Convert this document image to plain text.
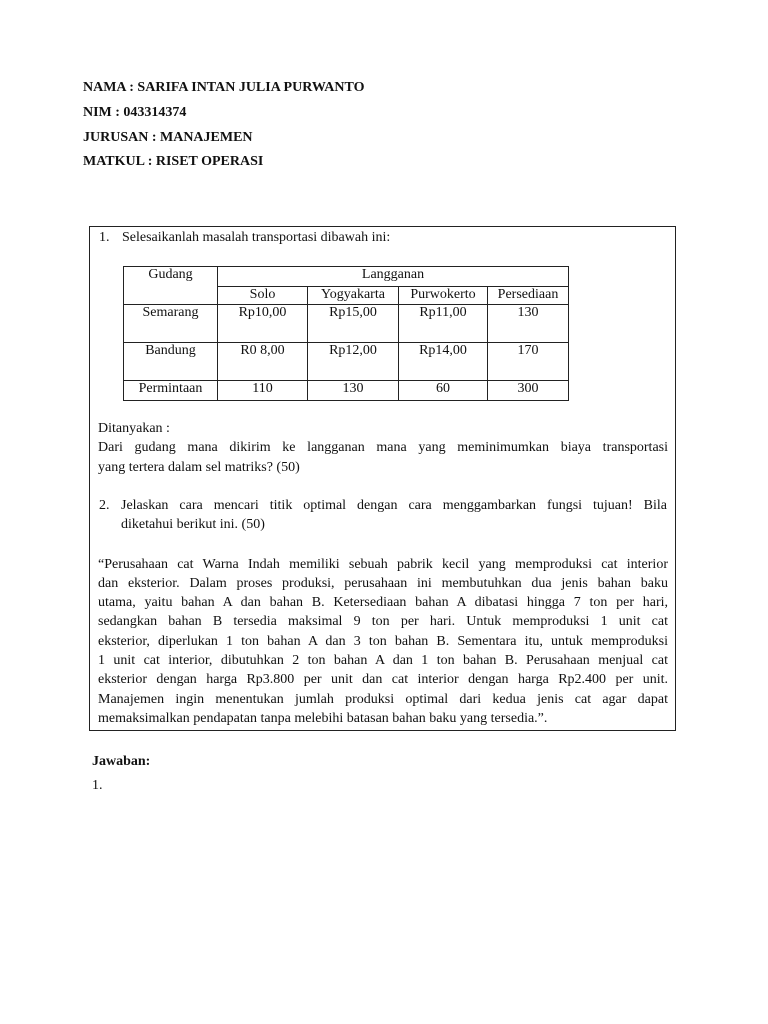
NAMA : SARIFA INTAN JULIA PURWANTO
NIM : 043314374
JURUSAN : MANAJEMEN
MATKUL : RISET OPERASI
1. Selesaikanlah masalah transportasi dibawah ini:
Gudang	Langganan			
	Solo	Yogyakarta	Purwokerto	Persediaan
Semarang	Rp10,00	Rp15,00	Rp11,00	130
Bandung	R0 8,00	Rp12,00	Rp14,00	170
Permintaan	110	130	60	300
Ditanyakan :
Dari gudang mana dikirim ke langganan mana yang meminimumkan biaya transportasi
yang tertera dalam sel matriks? (50)
2. Jelaskan cara mencari titik optimal dengan cara menggambarkan fungsi tujuan! Bila
diketahui berikut ini. (50)
“Perusahaan cat Warna Indah memiliki sebuah pabrik kecil yang memproduksi cat interior
dan eksterior. Dalam proses produksi, perusahaan ini membutuhkan dua jenis bahan baku
utama, yaitu bahan A dan bahan B. Ketersediaan bahan A dibatasi hingga 7 ton per hari,
sedangkan bahan B tersedia maksimal 9 ton per hari. Untuk memproduksi 1 unit cat
eksterior, diperlukan 1 ton bahan A dan 3 ton bahan B. Sementara itu, untuk memproduksi
1 unit cat interior, dibutuhkan 2 ton bahan A dan 1 ton bahan B. Perusahaan menjual cat
eksterior dengan harga Rp3.800 per unit dan cat interior dengan harga Rp2.400 per unit.
Manajemen ingin menentukan jumlah produksi optimal dari kedua jenis cat agar dapat
memaksimalkan pendapatan tanpa melebihi batasan bahan baku yang tersedia.”.
Jawaban:
1.
